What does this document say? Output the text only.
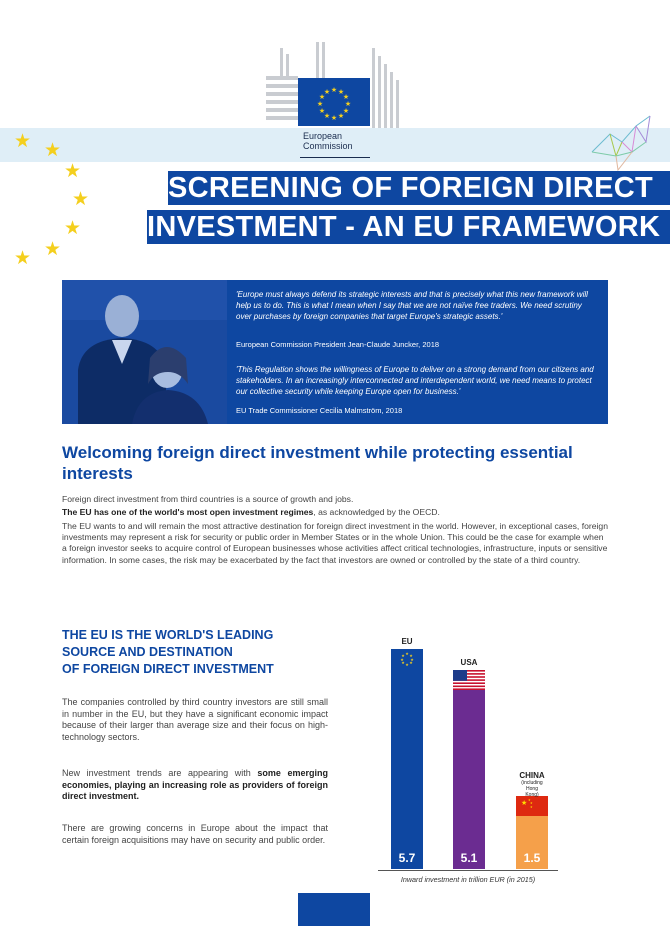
★ ★
★
★
★
★
★
★
★
★
★
★
European
Commission
SCREENING OF FOREIGN DIRECT
INVESTMENT - AN EU FRAMEWORK
★ ★
★
★
★
★
★
'Europe must always defend its strategic interests and that is precisely what this new framework will help us to do. This is what I mean when I say that we are not naïve free traders. We need scrutiny over purchases by foreign companies that target Europe's strategic assets.'
European Commission President Jean-Claude Juncker, 2018
'This Regulation shows the willingness of Europe to deliver on a strong demand from our citizens and stakeholders. In an increasingly interconnected and interdependent world, we need means to protect our collective security while keeping Europe open for business.'
EU Trade Commissioner Cecilia Malmström, 2018
Welcoming foreign direct investment while protecting essential interests
Foreign direct investment from third countries is a source of growth and jobs.
The EU has one of the world's most open investment regimes, as acknowledged by the OECD.
The EU wants to and will remain the most attractive destination for foreign direct investment in the world. However, in exceptional cases, foreign investments may represent a risk for security or public order in Member States or in the whole Union. This could be the case for example when a foreign investor seeks to acquire control of European businesses whose activities affect critical technologies, infrastructure, inputs or sensitive information. In some cases, the risk may be exacerbated by the fact that investors are owned or controlled by the state of a third country.
THE EU IS THE WORLD'S LEADING
SOURCE AND DESTINATION
OF FOREIGN DIRECT INVESTMENT
The companies controlled by third country investors are still small in number in the EU, but they have a significant economic impact because of their larger than average size and their focus on high-technology sectors.
New investment trends are appearing with some emerging economies, playing an increasing role as providers of foreign direct investment.
There are growing concerns in Europe about the impact that certain foreign acquisitions may have on security and public order.
★ ★
★
★
★
★
★
★
5.7
EU
5.1
USA
★ ★
★
★
1.5
CHINA
(including Hong Kong)
Inward investment in trillion EUR (in 2015)
